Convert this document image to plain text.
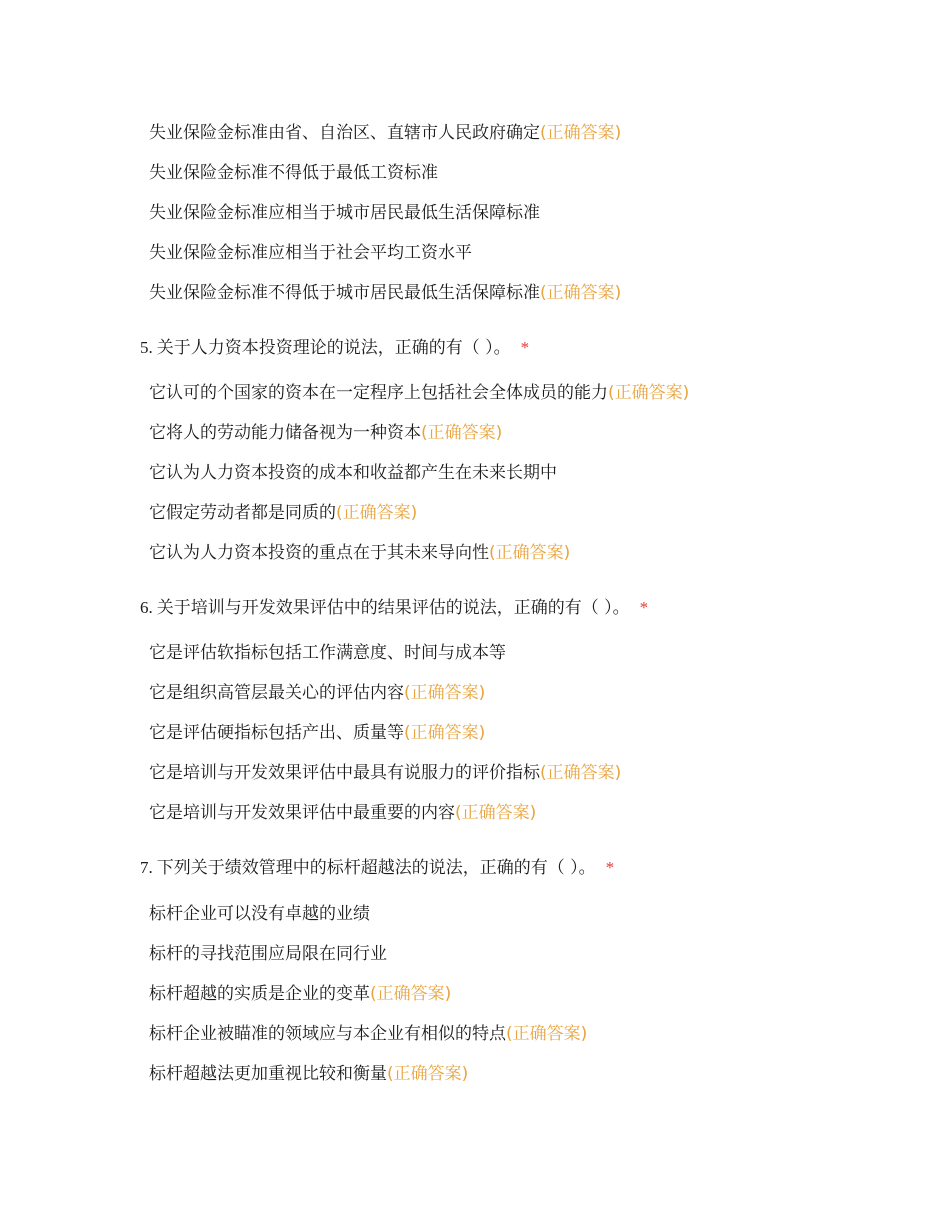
失业保险金标准由省、自治区、直辖市人民政府确定(正确答案)
失业保险金标准不得低于最低工资标准
失业保险金标准应相当于城市居民最低生活保障标准
失业保险金标准应相当于社会平均工资水平
失业保险金标准不得低于城市居民最低生活保障标准(正确答案)
5. 关于人力资本投资理论的说法，正确的有（ ）。 *
它认可的个国家的资本在一定程序上包括社会全体成员的能力(正确答案)
它将人的劳动能力储备视为一种资本(正确答案)
它认为人力资本投资的成本和收益都产生在未来长期中
它假定劳动者都是同质的(正确答案)
它认为人力资本投资的重点在于其未来导向性(正确答案)
6. 关于培训与开发效果评估中的结果评估的说法，正确的有（ ）。 *
它是评估软指标包括工作满意度、时间与成本等
它是组织高管层最关心的评估内容(正确答案)
它是评估硬指标包括产出、质量等(正确答案)
它是培训与开发效果评估中最具有说服力的评价指标(正确答案)
它是培训与开发效果评估中最重要的内容(正确答案)
7. 下列关于绩效管理中的标杆超越法的说法，正确的有（ ）。 *
标杆企业可以没有卓越的业绩
标杆的寻找范围应局限在同行业
标杆超越的实质是企业的变革(正确答案)
标杆企业被瞄准的领域应与本企业有相似的特点(正确答案)
标杆超越法更加重视比较和衡量(正确答案)
